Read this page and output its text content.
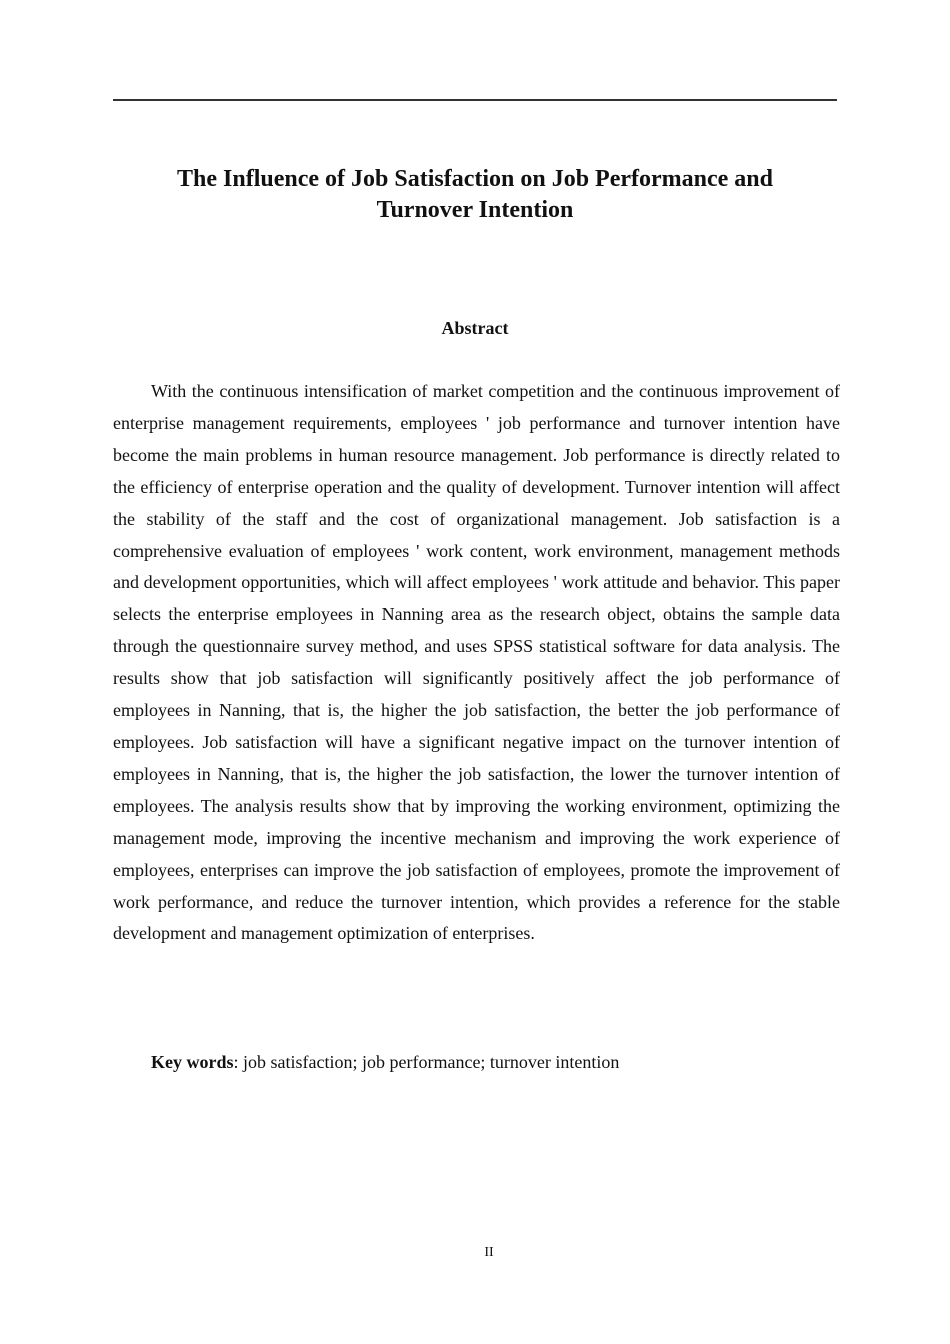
The Influence of Job Satisfaction on Job Performance and
Turnover Intention
Abstract

With the continuous intensification of market competition and the continuous improvement of enterprise management requirements, employees ' job performance and turnover intention have become the main problems in human resource management. Job performance is directly related to the efficiency of enterprise operation and the quality of development. Turnover intention will affect the stability of the staff and the cost of organizational management. Job satisfaction is a comprehensive evaluation of employees ' work content, work environment, management methods and development opportunities, which will affect employees ' work attitude and behavior. This paper selects the enterprise employees in Nanning area as the research object, obtains the sample data through the questionnaire survey method, and uses SPSS statistical software for data analysis. The results show that job satisfaction will significantly positively affect the job performance of employees in Nanning, that is, the higher the job satisfaction, the better the job performance of employees. Job satisfaction will have a significant negative impact on the turnover intention of employees in Nanning, that is, the higher the job satisfaction, the lower the turnover intention of employees. The analysis results show that by improving the working environment, optimizing the management mode, improving the incentive mechanism and improving the work experience of employees, enterprises can improve the job satisfaction of employees, promote the improvement of work performance, and reduce the turnover intention, which provides a reference for the stable development and management optimization of enterprises.

Key words: job satisfaction; job performance; turnover intention

II
